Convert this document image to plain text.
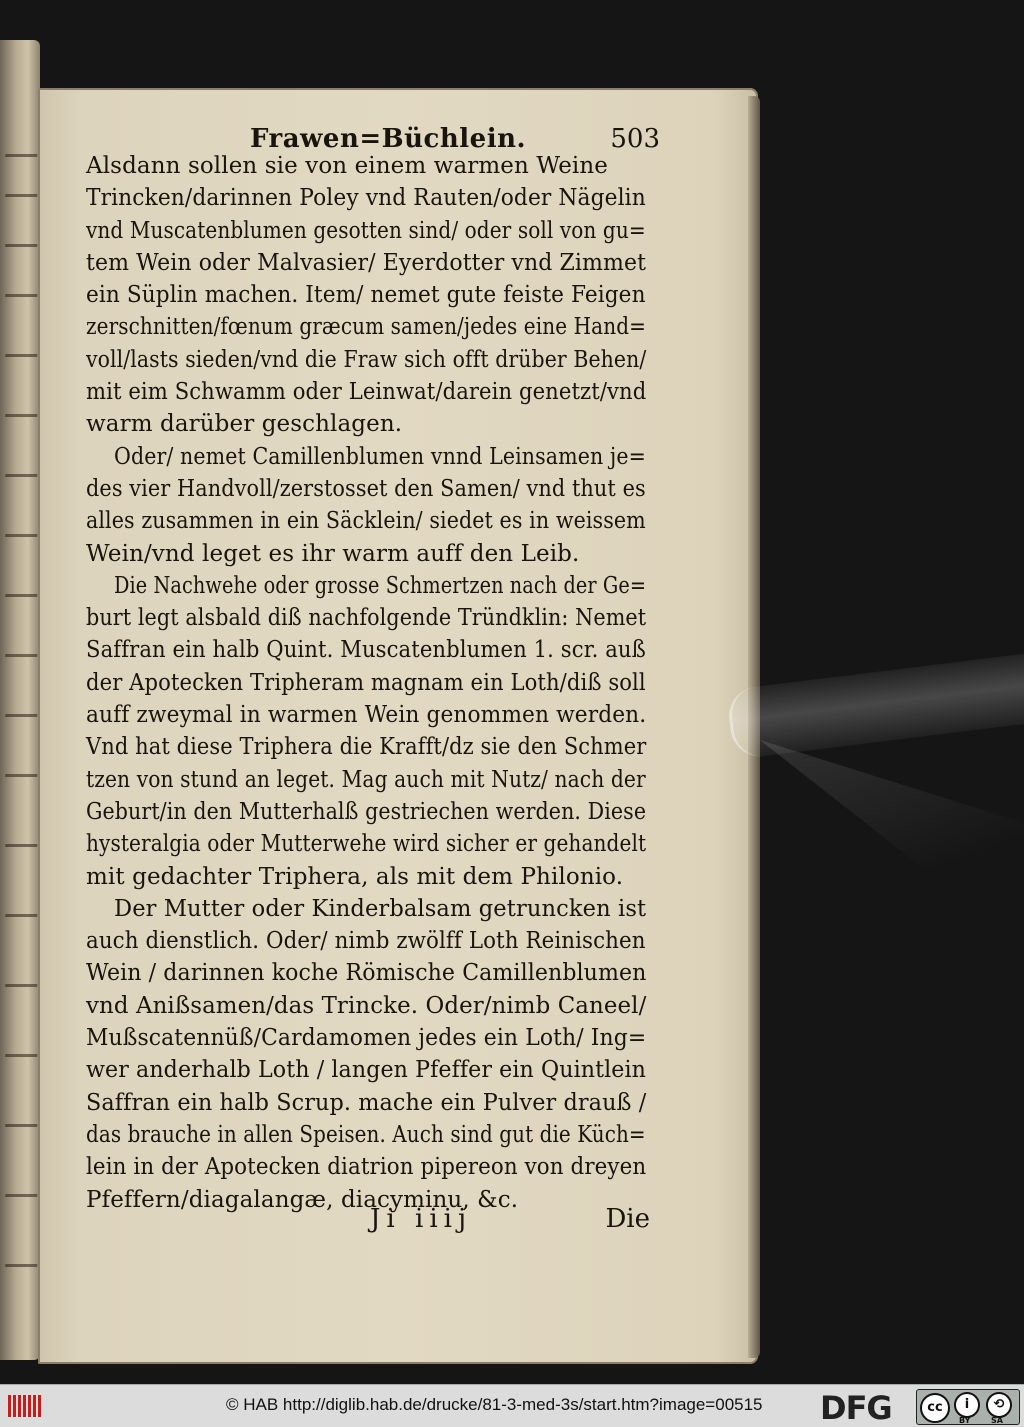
Frawen=Büchlein.	503
Alsdann sollen sie von einem warmen Weine
Trincken/darinnen Poley vnd Rauten/oder Nägelin
vnd Muscatenblumen gesotten sind/ oder soll von gu=
tem Wein oder Malvasier/ Eyerdotter vnd Zimmet
ein Süplin machen. Item/ nemet gute feiste Feigen
zerschnitten/fœnum græcum samen/jedes eine Hand=
voll/lasts sieden/vnd die Fraw sich offt drüber Behen/
mit eim Schwamm oder Leinwat/darein genetzt/vnd
warm darüber geschlagen.
Oder/ nemet Camillenblumen vnnd Leinsamen je=
des vier Handvoll/zerstosset den Samen/ vnd thut es
alles zusammen in ein Säcklein/ siedet es in weissem
Wein/vnd leget es ihr warm auff den Leib.
Die Nachwehe oder grosse Schmertzen nach der Ge=
burt legt alsbald diß nachfolgende Tründklin: Nemet
Saffran ein halb Quint. Muscatenblumen 1. scr. auß
der Apotecken Tripheram magnam ein Loth/diß soll
auff zweymal in warmen Wein genommen werden.
Vnd hat diese Triphera die Krafft/dz sie den Schmer
tzen von stund an leget. Mag auch mit Nutz/ nach der
Geburt/in den Mutterhalß gestriechen werden. Diese
hysteralgia oder Mutterwehe wird sicher er gehandelt
mit gedachter Triphera, als mit dem Philonio.
Der Mutter oder Kinderbalsam getruncken ist
auch dienstlich. Oder/ nimb zwölff Loth Reinischen
Wein / darinnen koche Römische Camillenblumen
vnd Anißsamen/das Trincke. Oder/nimb Caneel/
Mußscatennüß/Cardamomen jedes ein Loth/ Ing=
wer anderhalb Loth / langen Pfeffer ein Quintlein
Saffran ein halb Scrup. mache ein Pulver drauß /
das brauche in allen Speisen. Auch sind gut die Küch=
lein in der Apotecken diatrion pipereon von dreyen
Pfeffern/diagalangæ, diacyminu, &c.
Ji iiij	Die
© HAB http://diglib.hab.de/drucke/81-3-med-3s/start.htm?image=00515 DFG	cc	i	⟲
BY	SA
